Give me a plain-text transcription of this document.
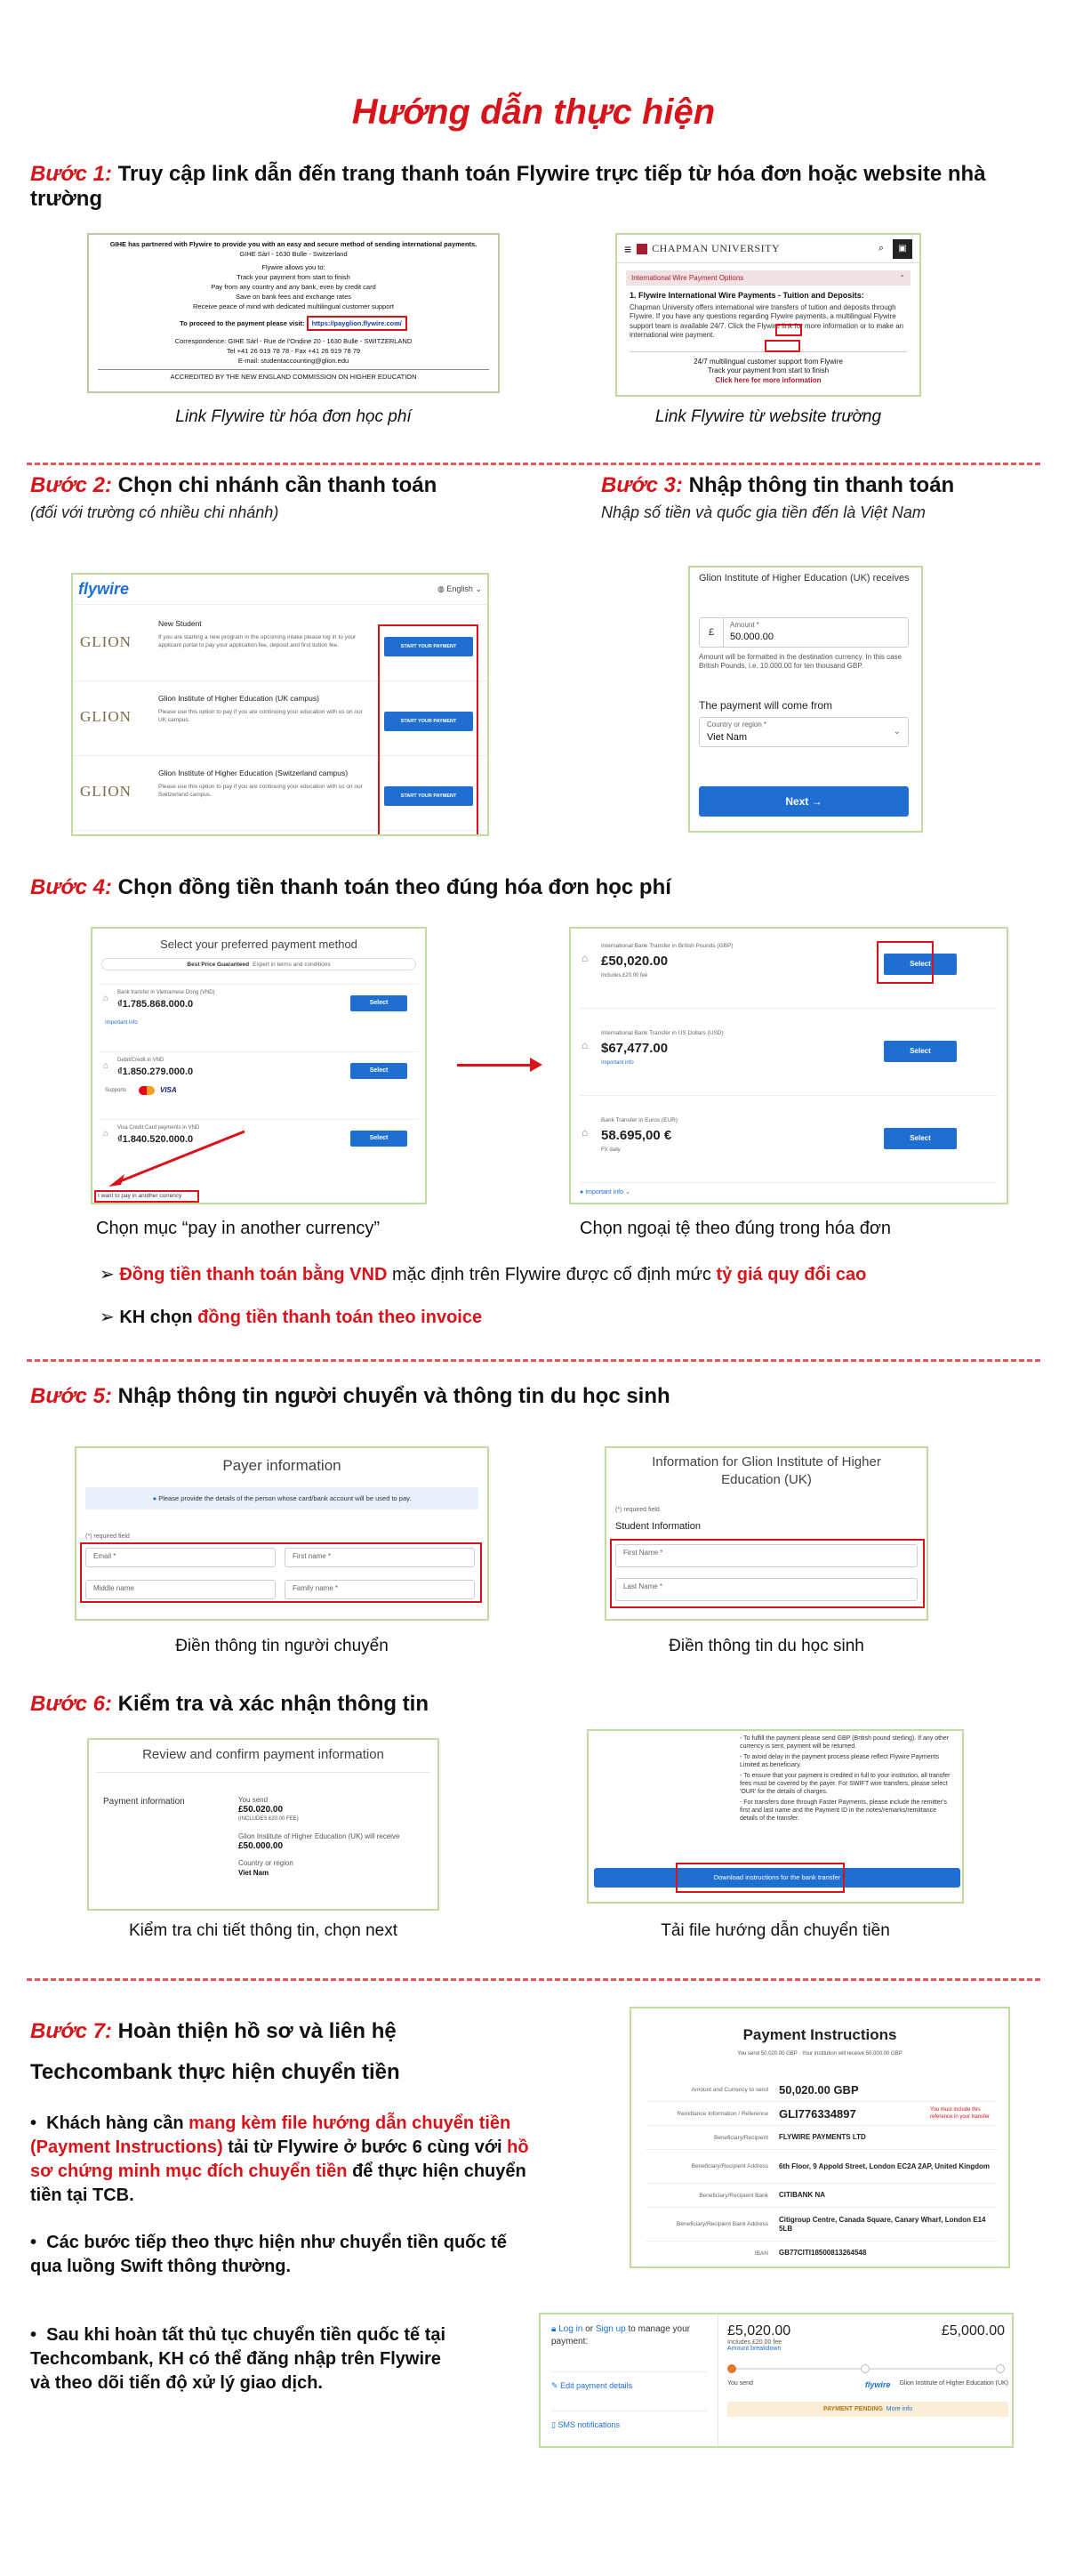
Hướng dẫn thực hiện
Bước 1: Truy cập link dẫn đến trang thanh toán Flywire trực tiếp từ hóa đơn hoặc website nhà trường
GIHE has partnered with Flywire to provide you with an easy and secure method of sending international payments.
GIHE Sàrl - 1630 Bulle - Switzerland
Flywire allows you to:
Track your payment from start to finish
Pay from any country and any bank, even by credit card
Save on bank fees and exchange rates
Receive peace of mind with dedicated multilingual customer support
To proceed to the payment please visit: https://payglion.flywire.com/
Correspondence: GIHE Sàrl - Rue de l'Ondine 20 - 1630 Bulle - SWITZERLAND
Tel +41 26 919 78 78 - Fax +41 26 919 78 79
E-mail: studentaccounting@glion.edu
ACCREDITED BY THE NEW ENGLAND COMMISSION ON HIGHER EDUCATION
Link Flywire từ hóa đơn học phí
≡ CHAPMAN UNIVERSITY	⌕	▣
International Wire Payment Options	⌃
1. Flywire International Wire Payments - Tuition and Deposits:
Chapman University offers international wire transfers of tuition and deposits through Flywire. If you have any questions regarding Flywire payments, a multilingual Flywire support team is available 24/7. Click the Flywire link for more information or to make an international wire payment.
24/7 multilingual customer support from Flywire
Track your payment from start to finish
Click here for more information
Link Flywire từ website trường
Bước 2: Chọn chi nhánh cần thanh toán
(đối với trường có nhiều chi nhánh)
flywire	◍ English ⌄
GLION
New Student
If you are starting a new program in the upcoming intake please log in to your applicant portal to pay your application fee, deposit and first tuition fee.	START YOUR PAYMENT
GLION
Glion Institute of Higher Education (UK campus)
Please use this option to pay if you are continuing your education with us on our UK campus.	START YOUR PAYMENT
GLION
Glion Institute of Higher Education (Switzerland campus)
Please use this option to pay if you are continuing your education with us on our Switzerland campus.	START YOUR PAYMENT
Bước 3: Nhập thông tin thanh toán
Nhập số tiền và quốc gia tiền đến là Việt Nam
Glion Institute of Higher Education (UK) receives
£
Amount *
50.000.00
Amount will be formatted in the destination currency. In this case British Pounds, i.e. 10.000.00 for ten thousand GBP.
The payment will come from
Country or region *
Viet Nam
⌄
Next →
Bước 4: Chọn đồng tiền thanh toán theo đúng hóa đơn học phí
Select your preferred payment method
Best Price Guaranteed Expert in terms and conditions
⌂
Bank transfer in Vietnamese Dong (VND)
₫1.785.868.000.0	Select
Important info
⌂
Debit/Credit in VND
₫1.850.279.000.0	Select
Supports	VISA
⌂
Visa Credit Card payments in VND
₫1.840.520.000.0	Select
I want to pay in another currency
⌂
International Bank Transfer in British Pounds (GBP)
£50,020.00
Includes £20.00 fee
Select
⌂
International Bank Transfer in US Dollars (USD)
$67,477.00
Important info
Select
⌂
Bank Transfer in Euros (EUR)
58.695,00 €
FX daily
Select
● Important info ⌄
Chọn mục “pay in another currency”	Chọn ngoại tệ theo đúng trong hóa đơn
➢ Đồng tiền thanh toán bằng VND mặc định trên Flywire được cố định mức tỷ giá quy đổi cao
➢ KH chọn đồng tiền thanh toán theo invoice
Bước 5: Nhập thông tin người chuyển và thông tin du học sinh
Payer information
● Please provide the details of the person whose card/bank account will be used to pay.
(*) required field
Email *	First name *
Middle name	Family name *
Điền thông tin người chuyển
Information for Glion Institute of Higher Education (UK)
(*) required field
Student Information
First Name *
Last Name *
Điền thông tin du học sinh
Bước 6: Kiểm tra và xác nhận thông tin
Review and confirm payment information
Payment information	You send
£50.020.00
(INCLUDES £20.00 FEE)
Glion Institute of Higher Education (UK) will receive
£50.000.00
Country or region
Viet Nam
Kiểm tra chi tiết thông tin, chọn next
- To fulfill the payment please send GBP (British pound sterling). If any other currency is sent, payment will be returned.
- To avoid delay in the payment process please reflect Flywire Payments Limited as beneficiary.
- To ensure that your payment is credited in full to your institution, all transfer fees must be covered by the payer. For SWIFT wire transfers, please select 'OUR' for the details of charges.
- For transfers done through Faster Payments, please include the remitter's first and last name and the Payment ID in the notes/remarks/remittance details of the transfer.
Download instructions for the bank transfer
Tải file hướng dẫn chuyển tiền
Bước 7: Hoàn thiện hồ sơ và liên hệ
Techcombank thực hiện chuyển tiền
•  Khách hàng cần mang kèm file hướng dẫn chuyển tiền (Payment Instructions) tải từ Flywire ở bước 6 cùng với hồ sơ chứng minh mục đích chuyển tiền để thực hiện chuyển tiền tại TCB.
•  Các bước tiếp theo thực hiện như chuyển tiền quốc tế qua luồng Swift thông thường.
•  Sau khi hoàn tất thủ tục chuyển tiền quốc tế tại Techcombank, KH có thể đăng nhập trên Flywire và theo dõi tiến độ xử lý giao dịch.
Payment Instructions
You send 50,020.00 GBP · Your institution will receive 50,000.00 GBP
Amount and Currency to send 50,020.00 GBP
Remittance Information / Reference GLI776334897	You must include this reference in your transfer
Beneficiary/Recipient	FLYWIRE PAYMENTS LTD
Beneficiary/Recipient Address	6th Floor, 9 Appold Street, London EC2A 2AP, United Kingdom
Beneficiary/Recipient Bank	CITIBANK NA
Beneficiary/Recipient Bank Address
Citigroup Centre, Canada Square, Canary Wharf, London E14 5LB
IBAN	GB77CITI18500813264548
🔒︎ Log in or Sign up to manage your payment:
✎ Edit payment details
▯ SMS notifications
£5,020.00	£5,000.00
Includes £20.00 fee
Amount breakdown
You send	flywire Glion Institute of Higher Education (UK)
PAYMENT PENDING More info
